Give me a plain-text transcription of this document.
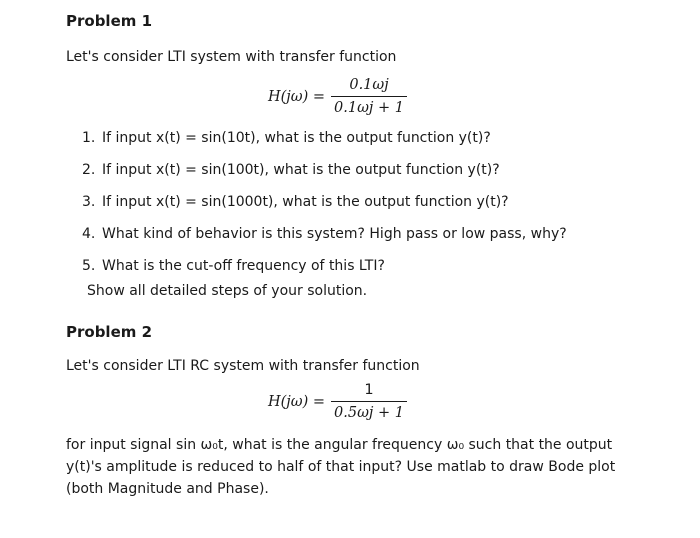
Problem 1
Let's consider LTI system with transfer function
$H(j\omega) = \frac{0.1\omega j}{0.1\omega j + 1}$
1. If input x(t) = sin(10t), what is the output function y(t)?
2. If input x(t) = sin(100t), what is the output function y(t)?
3. If input x(t) = sin(1000t), what is the output function y(t)?
4. What kind of behavior is this system? High pass or low pass, why?
5. What is the cut-off frequency of this LTI?
Show all detailed steps of your solution.
Problem 2
Let's consider LTI RC system with transfer function
$H(j\omega) = \frac{1}{0.5\omega j + 1}$
for input signal sin ω₀t, what is the angular frequency ω₀ such that the output
y(t)'s amplitude is reduced to half of that input? Use matlab to draw Bode plot
(both Magnitude and Phase).
